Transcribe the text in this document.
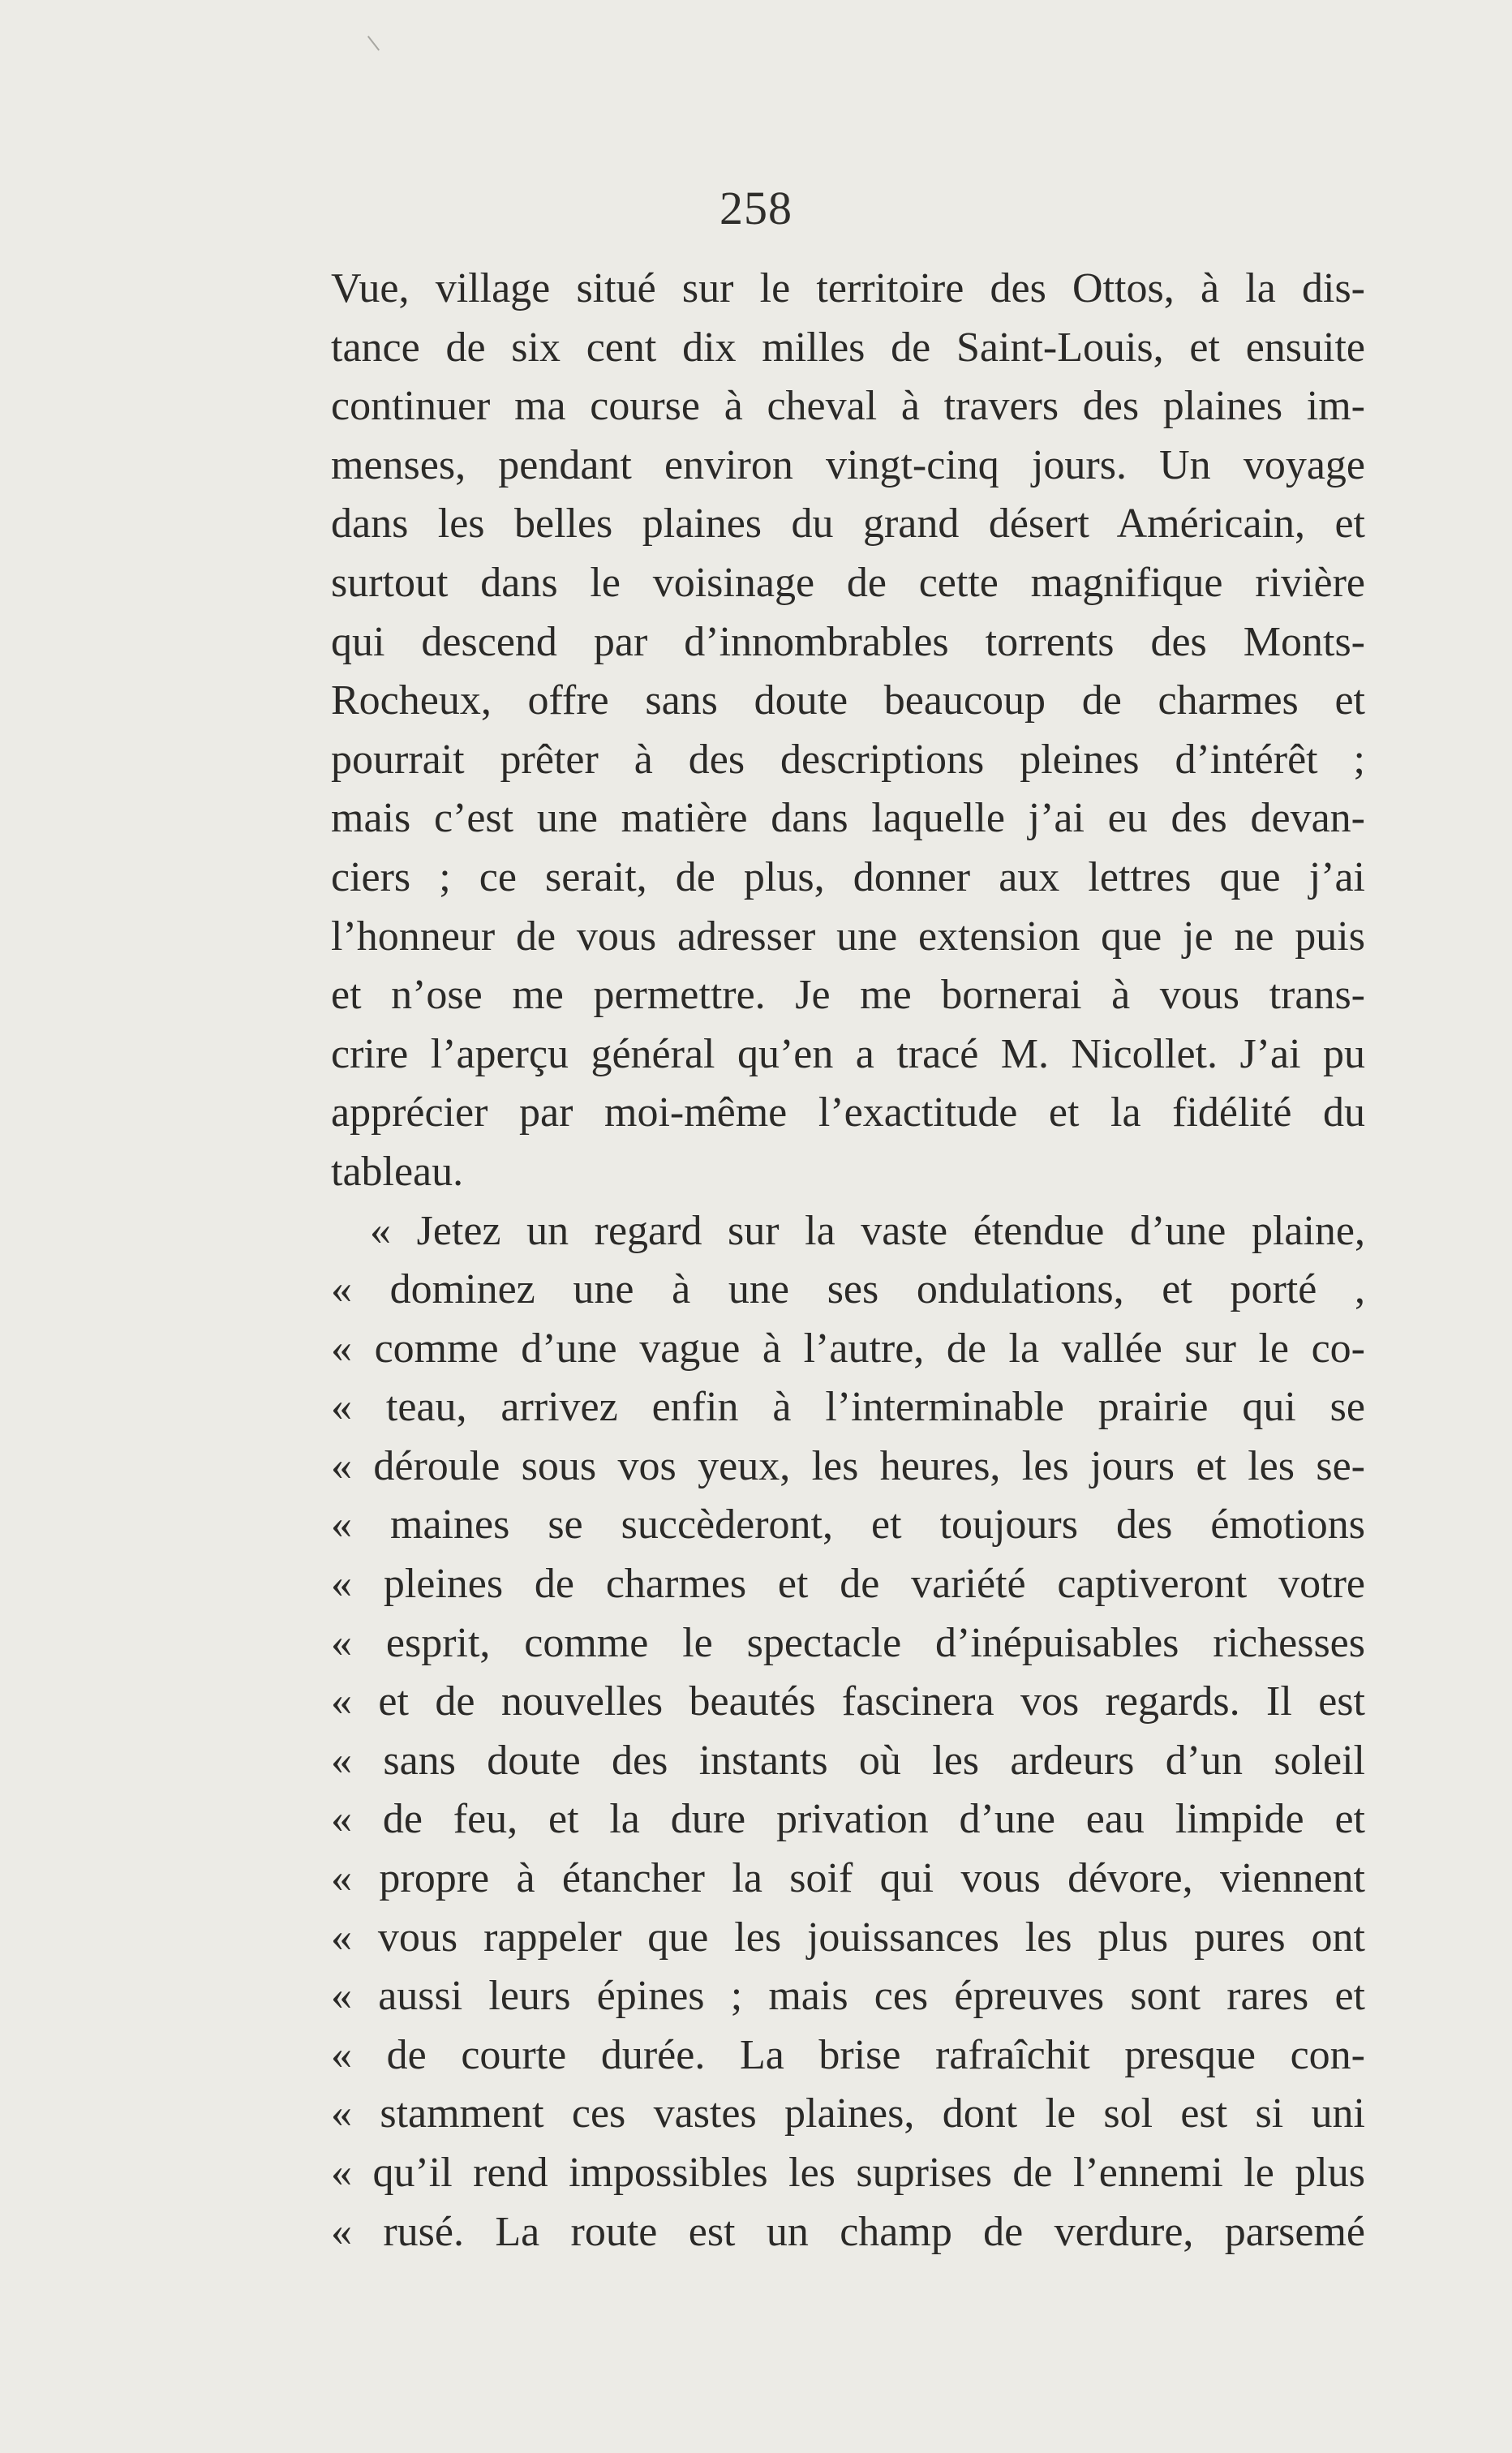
258
Vue, village situé sur le territoire des Ottos, à la dis-
tance de six cent dix milles de Saint-Louis, et ensuite
continuer ma course à cheval à travers des plaines im-
menses, pendant environ vingt-cinq jours. Un voyage
dans les belles plaines du grand désert Américain, et
surtout dans le voisinage de cette magnifique rivière
qui descend par d’innombrables torrents des Monts-
Rocheux, offre sans doute beaucoup de charmes et
pourrait prêter à des descriptions pleines d’intérêt ;
mais c’est une matière dans laquelle j’ai eu des devan-
ciers ; ce serait, de plus, donner aux lettres que j’ai
l’honneur de vous adresser une extension que je ne puis
et n’ose me permettre. Je me bornerai à vous trans-
crire l’aperçu général qu’en a tracé M. Nicollet. J’ai pu
apprécier par moi-même l’exactitude et la fidélité du
tableau.
« Jetez un regard sur la vaste étendue d’une plaine,
« dominez une à une ses ondulations, et porté ,
« comme d’une vague à l’autre, de la vallée sur le co-
« teau, arrivez enfin à l’interminable prairie qui se
« déroule sous vos yeux, les heures, les jours et les se-
« maines se succèderont, et toujours des émotions
« pleines de charmes et de variété captiveront votre
« esprit, comme le spectacle d’inépuisables richesses
« et de nouvelles beautés fascinera vos regards. Il est
« sans doute des instants où les ardeurs d’un soleil
« de feu, et la dure privation d’une eau limpide et
« propre à étancher la soif qui vous dévore, viennent
« vous rappeler que les jouissances les plus pures ont
« aussi leurs épines ; mais ces épreuves sont rares et
« de courte durée. La brise rafraîchit presque con-
« stamment ces vastes plaines, dont le sol est si uni
« qu’il rend impossibles les suprises de l’ennemi le plus
« rusé. La route est un champ de verdure, parsemé
